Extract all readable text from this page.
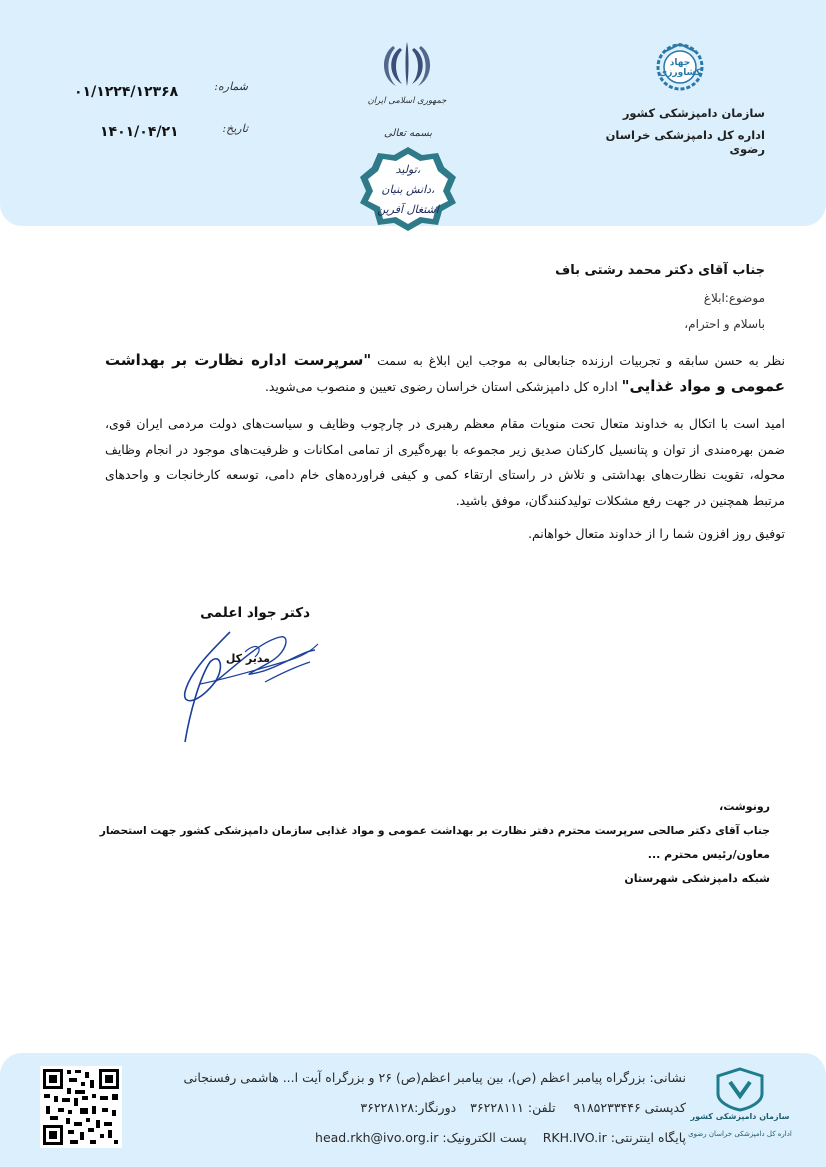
جهاد کشاورزی
سازمان دامپزشکی کشور
اداره کل دامپزشکی خراسان رضوی
جمهوری اسلامی ایران
بسمه تعالی
تولید،
دانش بنیان،
اشتغال آفرین
شماره:
۰۱/۱۲۲۴/۱۲۳۶۸
تاریخ:
۱۴۰۱/۰۴/۲۱
جناب آقای دکتر محمد رشتی باف
موضوع:ابلاغ
باسلام و احترام،
نظر به حسن سابقه و تجربیات ارزنده جنابعالی به موجب این ابلاغ به سمت "سرپرست اداره نظارت بر بهداشت عمومی و مواد غذایی" اداره کل دامپزشکی استان خراسان رضوی تعیین و منصوب می‌شوید.
امید است با اتکال به خداوند متعال تحت منویات مقام معظم رهبری در چارچوب وظایف و سیاست‌های دولت مردمی ایران قوی، ضمن بهره‌مندی از توان و پتانسیل کارکنان صدیق زیر مجموعه با بهره‌گیری از تمامی امکانات و ظرفیت‌های موجود در انجام وظایف محوله، تقویت نظارت‌های بهداشتی و تلاش در راستای ارتقاء کمی و کیفی فراورده‌های خام دامی، توسعه کارخانجات و واحدهای مرتبط همچنین در جهت رفع مشکلات تولیدکنندگان، موفق باشید.
توفیق روز افزون شما را از خداوند متعال خواهانم.
دکتر جواد اعلمی
مدیر کل
رونوشت،
جناب آقای دکتر صالحی سرپرست محترم دفتر نظارت بر بهداشت عمومی و مواد غذایی سازمان دامپزشکی کشور جهت استحضار
معاون/رئیس محترم ...
شبکه دامپزشکی شهرستان
نشانی: بزرگراه پیامبر اعظم (ص)، بین پیامبر اعظم(ص) ۲۶ و بزرگراه آیت ا... هاشمی رفسنجانی
کدپستی ۹۱۸۵۲۳۳۴۴۶ تلفن: ۳۶۲۲۸۱۱۱ دورنگار:۳۶۲۲۸۱۲۸
پایگاه اینترنتی: RKH.IVO.ir پست الکترونیک: head.rkh@ivo.org.ir
سازمان دامپزشکی کشور
اداره کل دامپزشکی خراسان رضوی
